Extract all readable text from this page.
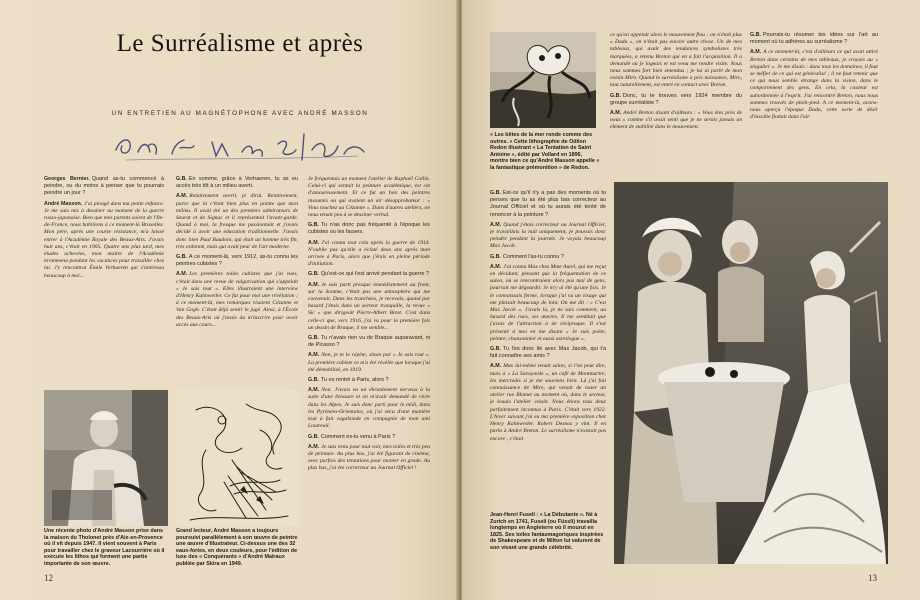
Le Surréalisme et après
UN ENTRETIEN AU MAGNÉTOPHONE AVEC ANDRÉ MASSON

Georges Bernier. Quand as-tu commencé à peindre, ou du moins à penser que tu pourrais peindre un jour ?

André Masson. J'ai plongé dans ma petite enfance. Je me suis mis à dessiner au moment de la guerre russo-japonaise. Bien que mes parents soient de l'Ile-de-France, nous habitions à ce moment-là Bruxelles. Mon père, après une courte résistance, m'a laissé entrer à l'Académie Royale des Beaux-Arts. J'avais huit ans, c'était en 1905. Quatre ans plus tard, mes études achevées, mon maître de l'Académie m'emmena pendant les vacances pour travailler chez lui. J'y rencontrai Émile Verhaeren qui s'intéressa beaucoup à moi...

G.B. En somme, grâce à Verhaeren, tu as eu accès très tôt à un milieu averti.

A.M. Relativement averti, je dirai. Relativement, parce que là c'était bien plus en pointe que mon milieu. Il avait été un des premiers admirateurs de Seurat et de Signac et il représentait l'avant-garde. Quand à moi, la fresque me passionnait et j'avais décidé à avoir une éducation traditionnelle. J'avais donc bien Paul Baudoin, qui était un homme très fin, très ordonné, mais qui avait peur de l'art moderne.

G.B. A ce moment-là, vers 1912, as-tu connu les peintres cubistes ?

A.M. Les premières toiles cubistes que j'ai vues, c'était dans une revue de vulgarisation qui s'appelait « Je sais tout ». Elles illustraient une interview d'Henry Kahnweiler. Ce fut pour moi une révélation ; à ce moment-là, mes remarques visaient Cézanne et Van Gogh. C'était déjà sentir le jugé. Ainsi, à l'École des Beaux-Arts où j'avais du m'inscrire pour avoir accès aux cours...

Je fréquentais un moment l'atelier de Raphaël Collin. Celui-ci qui sentait la peinture académique, est cet d'amoureusement. Et ce fut un bon des peintres insoumis ou qui avaient un air désapprobateur : « Vous touchez au Cézanne ». Dans d'autres ateliers, on nous tenait peu à se dessiner verbal.

G.B. Tu n'as donc pas fréquenté à l'époque les cubistes ou les fauves.

A.M. J'ai connu tout cela après la guerre de 1914. N'oublie pas qu'elle a éclaté deux ans après mon arrivée à Paris, alors que j'étais en pleine période d'initiation.

G.B. Qu'est-ce qui t'est arrivé pendant la guerre ?

A.M. Je suis parti presque immédiatement au front, sur la Somme, c'était pas une atmosphère qui me convenait. Dans les tranchées, je recevais, quand par hasard j'étais dans un secteur tranquille, la revue « Sic » que dirigeait Pierre-Albert Birot. C'est dans celle-ci que, vers 1916, j'ai vu pour la première fois un dessin de Braque, il me semble...

G.B. Tu n'avais rien vu de Braque auparavant, ni de Picasso ?

A.M. Non, je te le répète, sinon par « Je sais tout ». La première cubiste ce m'a été révélée que lorsque j'ai été démobilisé, en 1919.

G.B. Tu es rentré à Paris, alors ?

A.M. Non. J'avais eu un ébranlement nerveux à la suite d'une blessure et on m'avait demandé de vivre dans les Alpes. Je suis donc parti pour le midi, dans les Pyrénées-Orientales, où j'ai vécu d'une manière tout à fait vagabonde en compagnie de mon ami Loutreuil.

G.B. Comment es-tu venu à Paris ?

A.M. Je suis venu pour tout voir, mes toiles et très peu de peinture. Au plus bas, j'ai été figurant de cinéma, avec parfois des tentations pour monter en grade. Au plus bas, j'ai été correcteur au Journal Officiel !

Une récente photo d'André Masson prise dans la maison du Tholonet près d'Aix-en-Provence où il vit depuis 1947. Il vient souvent à Paris pour travailler chez le graveur Lacourrière où il exécute les lithos qui forment une partie importante de son œuvre.
Grand lecteur, André Masson a toujours poursuivi parallèlement à son œuvre de peintre une œuvre d'illustrateur. Ci-dessus une des 32 eaux-fortes, en deux couleurs, pour l'édition de luxe des « Conquérants » d'André Malraux publiée par Skira en 1949.
12
« Les bêtes de la mer ronde comme des outres. » Cette lithographie de Odilon Redon illustrant « La Tentation de Saint Antoine », édité par Vollard en 1896, montre bien ce qu'André Masson appelle « la fantastique prémonition » de Redon.

ce qu'on appelait alors le mouvement flou : on n'était plus « Dada », on n'était pas encore autre chose. Un de mes tableaux, qui avait des tendances symbolistes très marquées, a retenu Breton qui en a fait l'acquisition. Il a demandé où je logeais et est venu me rendre visite. Nous nous sommes fort bien entendus ; je lui ai parlé de mon voisin Miro. Quand le surréalisme a pris naissance, Miro, tout naturellement, est entré en contact avec Breton.

G.B. Donc, tu te trouves vers 1924 membre du groupe surréaliste ?

A.M. André Breton disant d'ailleurs : « Vous êtes près de nous » comme s'il avait senti que je ne serais jamais un élément de stabilité dans le mouvement.

G.B. Pourrais-tu résumer tes idées sur l'art au moment où tu adhères au surréalisme ?

A.M. A ce moment-là, c'est d'ailleurs ce qui avait attiré Breton dans certains de mes tableaux, je croyais au « singulier ». Je me disais : dans tous les domaines, il faut se méfier de ce qui est généralisé ; il ne faut retenir que ce qui nous semble étrange dans la vision, dans le comportement des gens. En cela, la couleur est subordonnée à l'esprit. J'ai rencontré Breton, nous nous sommes trouvés de plain-pied. A ce moment-là, avons-nous aperçu l'époque Dada, cette sorte de désir d'insolite flottait dans l'air.

G.B. Est-ce qu'il n'y a pas des moments où tu penses que tu as été plus bas correcteur au Journal Officiel et où tu aurais été tenté de renoncer à la peinture ?

A.M. Quand j'étais correcteur au Journal Officiel, je travaillais la nuit uniquement, je pouvais donc peindre pendant la journée. Je voyais beaucoup Max Jacob.

G.B. Comment l'as-tu connu ?

A.M. J'ai connu Max chez Mme Aurel, qui me reçut en décidant, pensant que la fréquentation de ce salon, où se rencontraient alors pas mal de gens, pourrait me dégourdir. Je m'y ai été qu'une fois. Je le connaissais ferme, lorsque j'ai vu un visage qui me plaisait beaucoup de loin. On me dit : « C'est Max Jacob ». J'avais lu, je ne sais comment, au hasard des rues, ses œuvres. Il me semblait que j'avais de l'attraction à de réciproque. Il s'est présenté à moi en me disant « Je suis poète, peintre, chansonnier et aussi astrologue ».

G.B. Tu l'es donc lié avec Max Jacob, qui t'a fait connaître ses amis ?

A.M. Max lui-même tenait salon, si l'on peut dire, mais à « La Savoyarde », un café de Montmartre, les mercredis si je me souviens bien. Là j'ai fait connaissance de Miro, qui venait de louer un atelier rue Blomet au moment où, dans le secteur, je louais l'atelier voisin. Nous étions tous deux parfaitement inconnus à Paris. C'était vers 1922. L'hiver suivant j'ai eu ma première exposition chez Henry Kahnweiler. Robert Desnos y vint. Il en parla à André Breton. Le surréalisme n'existait pas encore ; c'était

Jean-Henri Fuseli : « La Débutante ». Né à Zurich en 1741, Fuseli (ou Füssli) travailla longtemps en Angleterre où il mourut en 1825. Ses toiles fantasmagoriques inspirées de Shakespeare et de Milton lui valurent de son vivant une grande célébrité.
13
